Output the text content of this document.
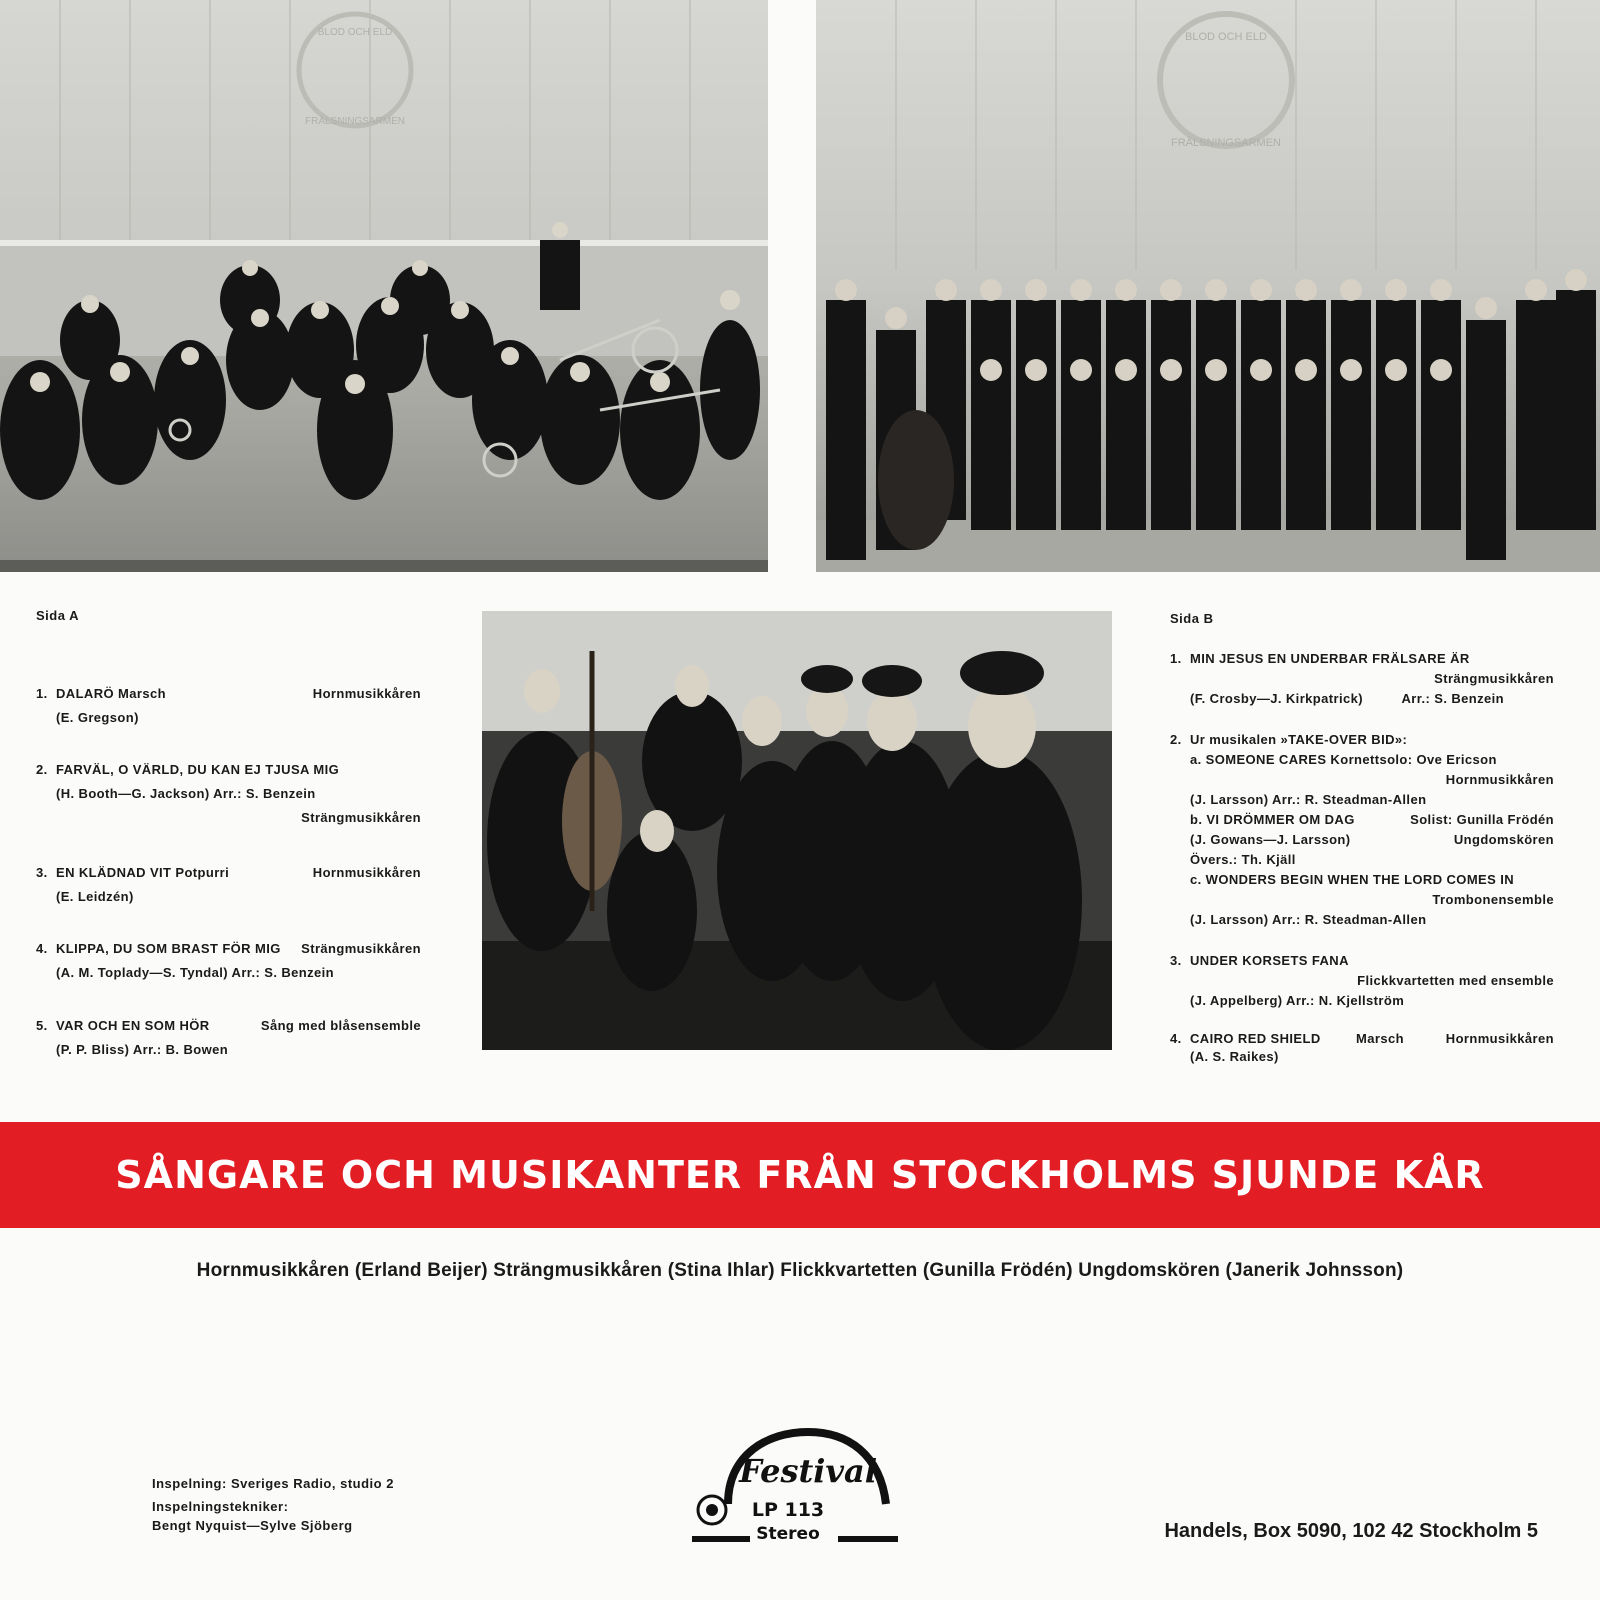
BLOD OCH ELD
FRÄLSNINGSARMEN
BLOD OCH ELD
FRÄLSNINGSARMEN
Sida A
1. DALARÖ Marsch	Hornmusikkåren
(E. Gregson)
2. FARVÄL, O VÄRLD, DU KAN EJ TJUSA MIG
(H. Booth—G. Jackson) Arr.: S. Benzein
Strängmusikkåren
3. EN KLÄDNAD VIT Potpurri	Hornmusikkåren
(E. Leidzén)
4. KLIPPA, DU SOM BRAST FÖR MIG Strängmusikkåren
(A. M. Toplady—S. Tyndal) Arr.: S. Benzein
5. VAR OCH EN SOM HÖR	Sång med blåsensemble
(P. P. Bliss) Arr.: B. Bowen
Sida B
1. MIN JESUS EN UNDERBAR FRÄLSARE ÄR
Strängmusikkåren
(F. Crosby—J. Kirkpatrick)	Arr.: S. Benzein
2. Ur musikalen »TAKE-OVER BID»:
a. SOMEONE CARES Kornettsolo: Ove Ericson
Hornmusikkåren
(J. Larsson) Arr.: R. Steadman-Allen
b. VI DRÖMMER OM DAG	Solist: Gunilla Frödén
(J. Gowans—J. Larsson)	Ungdomskören
Övers.: Th. Kjäll
c. WONDERS BEGIN WHEN THE LORD COMES IN
Trombonensemble
(J. Larsson) Arr.: R. Steadman-Allen
3. UNDER KORSETS FANA
Flickkvartetten med ensemble
(J. Appelberg) Arr.: N. Kjellström
4. CAIRO RED SHIELD	Marsch	Hornmusikkåren
(A. S. Raikes)
SÅNGARE OCH MUSIKANTER FRÅN STOCKHOLMS SJUNDE KÅR
Hornmusikkåren (Erland Beijer) Strängmusikkåren (Stina Ihlar) Flickkvartetten (Gunilla Frödén) Ungdomskören (Janerik Johnsson)
Inspelning: Sveriges Radio, studio 2
Inspelningstekniker:
Bengt Nyquist—Sylve Sjöberg
Festival
LP 113
Stereo	Handels, Box 5090, 102 42 Stockholm 5
